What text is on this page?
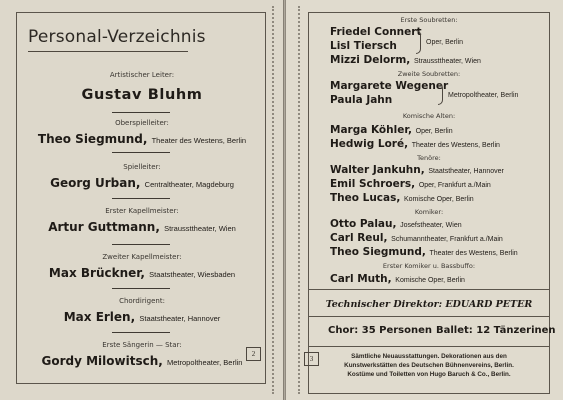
Personal-Verzeichnis
Artistischer Leiter:
Gustav Bluhm
Oberspielleiter:
Theo Siegmund, Theater des Westens, Berlin
Spielleiter:
Georg Urban, Centraltheater, Magdeburg
Erster Kapellmeister:
Artur Guttmann, Straussttheater, Wien
Zweiter Kapellmeister:
Max Brückner, Staatstheater, Wiesbaden
Chordirigent:
Max Erlen, Staatstheater, Hannover
Erste Sängerin — Star:
Gordy Milowitsch, Metropoltheater, Berlin
2
Erste Soubretten:
Friedel Connert
Lisl Tiersch
Mizzi Delorm, Straussttheater, Wien
Oper, Berlin
Zweite Soubretten:
Margarete Wegener
Paula Jahn	Metropoltheater, Berlin
Komische Alten:
Marga Köhler, Oper, Berlin
Hedwig Loré, Theater des Westens, Berlin
Tenöre:
Walter Jankuhn, Staatstheater, Hannover
Emil Schroers, Oper, Frankfurt a./Main
Theo Lucas, Komische Oper, Berlin
Komiker:
Otto Palau, Josefstheater, Wien
Carl Reul, Schumanntheater, Frankfurt a./Main
Theo Siegmund, Theater des Westens, Berlin
Erster Komiker u. Bassbuffo:
Carl Muth, Komische Oper, Berlin
Technischer Direktor: EDUARD PETER
Chor: 35 Personen Ballet: 12 Tänzerinen
Sämtliche Neuausstattungen. Dekorationen aus den
Kunstwerkstätten des Deutschen Bühnenvereins, Berlin.
Kostüme und Toiletten von Hugo Baruch & Co., Berlin.
3
